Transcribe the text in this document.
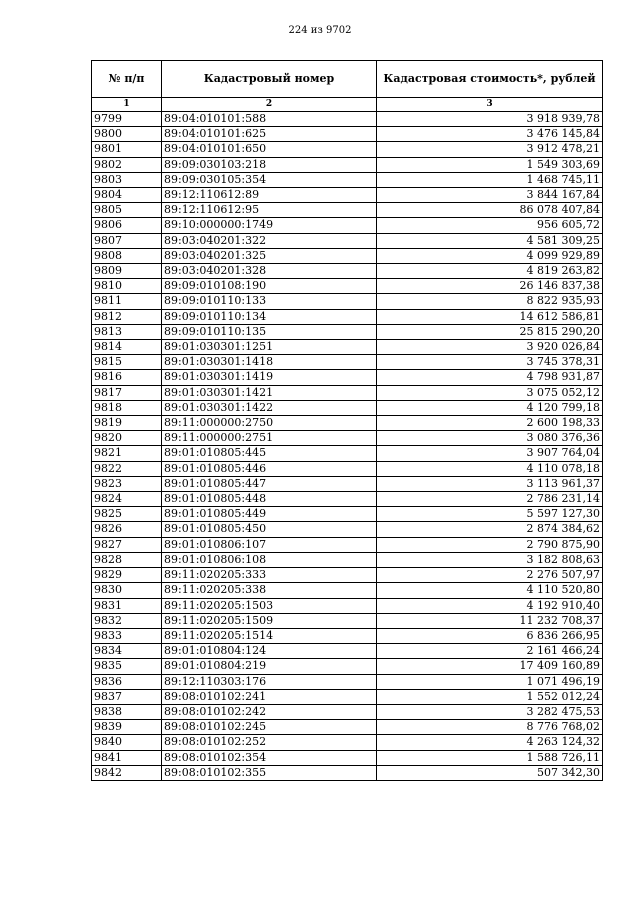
224 из 9702
№ п/п	Кадастровый номер	Кадастровая стоимость*, рублей
1	2	3
9799	89:04:010101:588	3 918 939,78
9800	89:04:010101:625	3 476 145,84
9801	89:04:010101:650	3 912 478,21
9802	89:09:030103:218	1 549 303,69
9803	89:09:030105:354	1 468 745,11
9804	89:12:110612:89	3 844 167,84
9805	89:12:110612:95	86 078 407,84
9806	89:10:000000:1749	956 605,72
9807	89:03:040201:322	4 581 309,25
9808	89:03:040201:325	4 099 929,89
9809	89:03:040201:328	4 819 263,82
9810	89:09:010108:190	26 146 837,38
9811	89:09:010110:133	8 822 935,93
9812	89:09:010110:134	14 612 586,81
9813	89:09:010110:135	25 815 290,20
9814	89:01:030301:1251	3 920 026,84
9815	89:01:030301:1418	3 745 378,31
9816	89:01:030301:1419	4 798 931,87
9817	89:01:030301:1421	3 075 052,12
9818	89:01:030301:1422	4 120 799,18
9819	89:11:000000:2750	2 600 198,33
9820	89:11:000000:2751	3 080 376,36
9821	89:01:010805:445	3 907 764,04
9822	89:01:010805:446	4 110 078,18
9823	89:01:010805:447	3 113 961,37
9824	89:01:010805:448	2 786 231,14
9825	89:01:010805:449	5 597 127,30
9826	89:01:010805:450	2 874 384,62
9827	89:01:010806:107	2 790 875,90
9828	89:01:010806:108	3 182 808,63
9829	89:11:020205:333	2 276 507,97
9830	89:11:020205:338	4 110 520,80
9831	89:11:020205:1503	4 192 910,40
9832	89:11:020205:1509	11 232 708,37
9833	89:11:020205:1514	6 836 266,95
9834	89:01:010804:124	2 161 466,24
9835	89:01:010804:219	17 409 160,89
9836	89:12:110303:176	1 071 496,19
9837	89:08:010102:241	1 552 012,24
9838	89:08:010102:242	3 282 475,53
9839	89:08:010102:245	8 776 768,02
9840	89:08:010102:252	4 263 124,32
9841	89:08:010102:354	1 588 726,11
9842	89:08:010102:355	507 342,30
